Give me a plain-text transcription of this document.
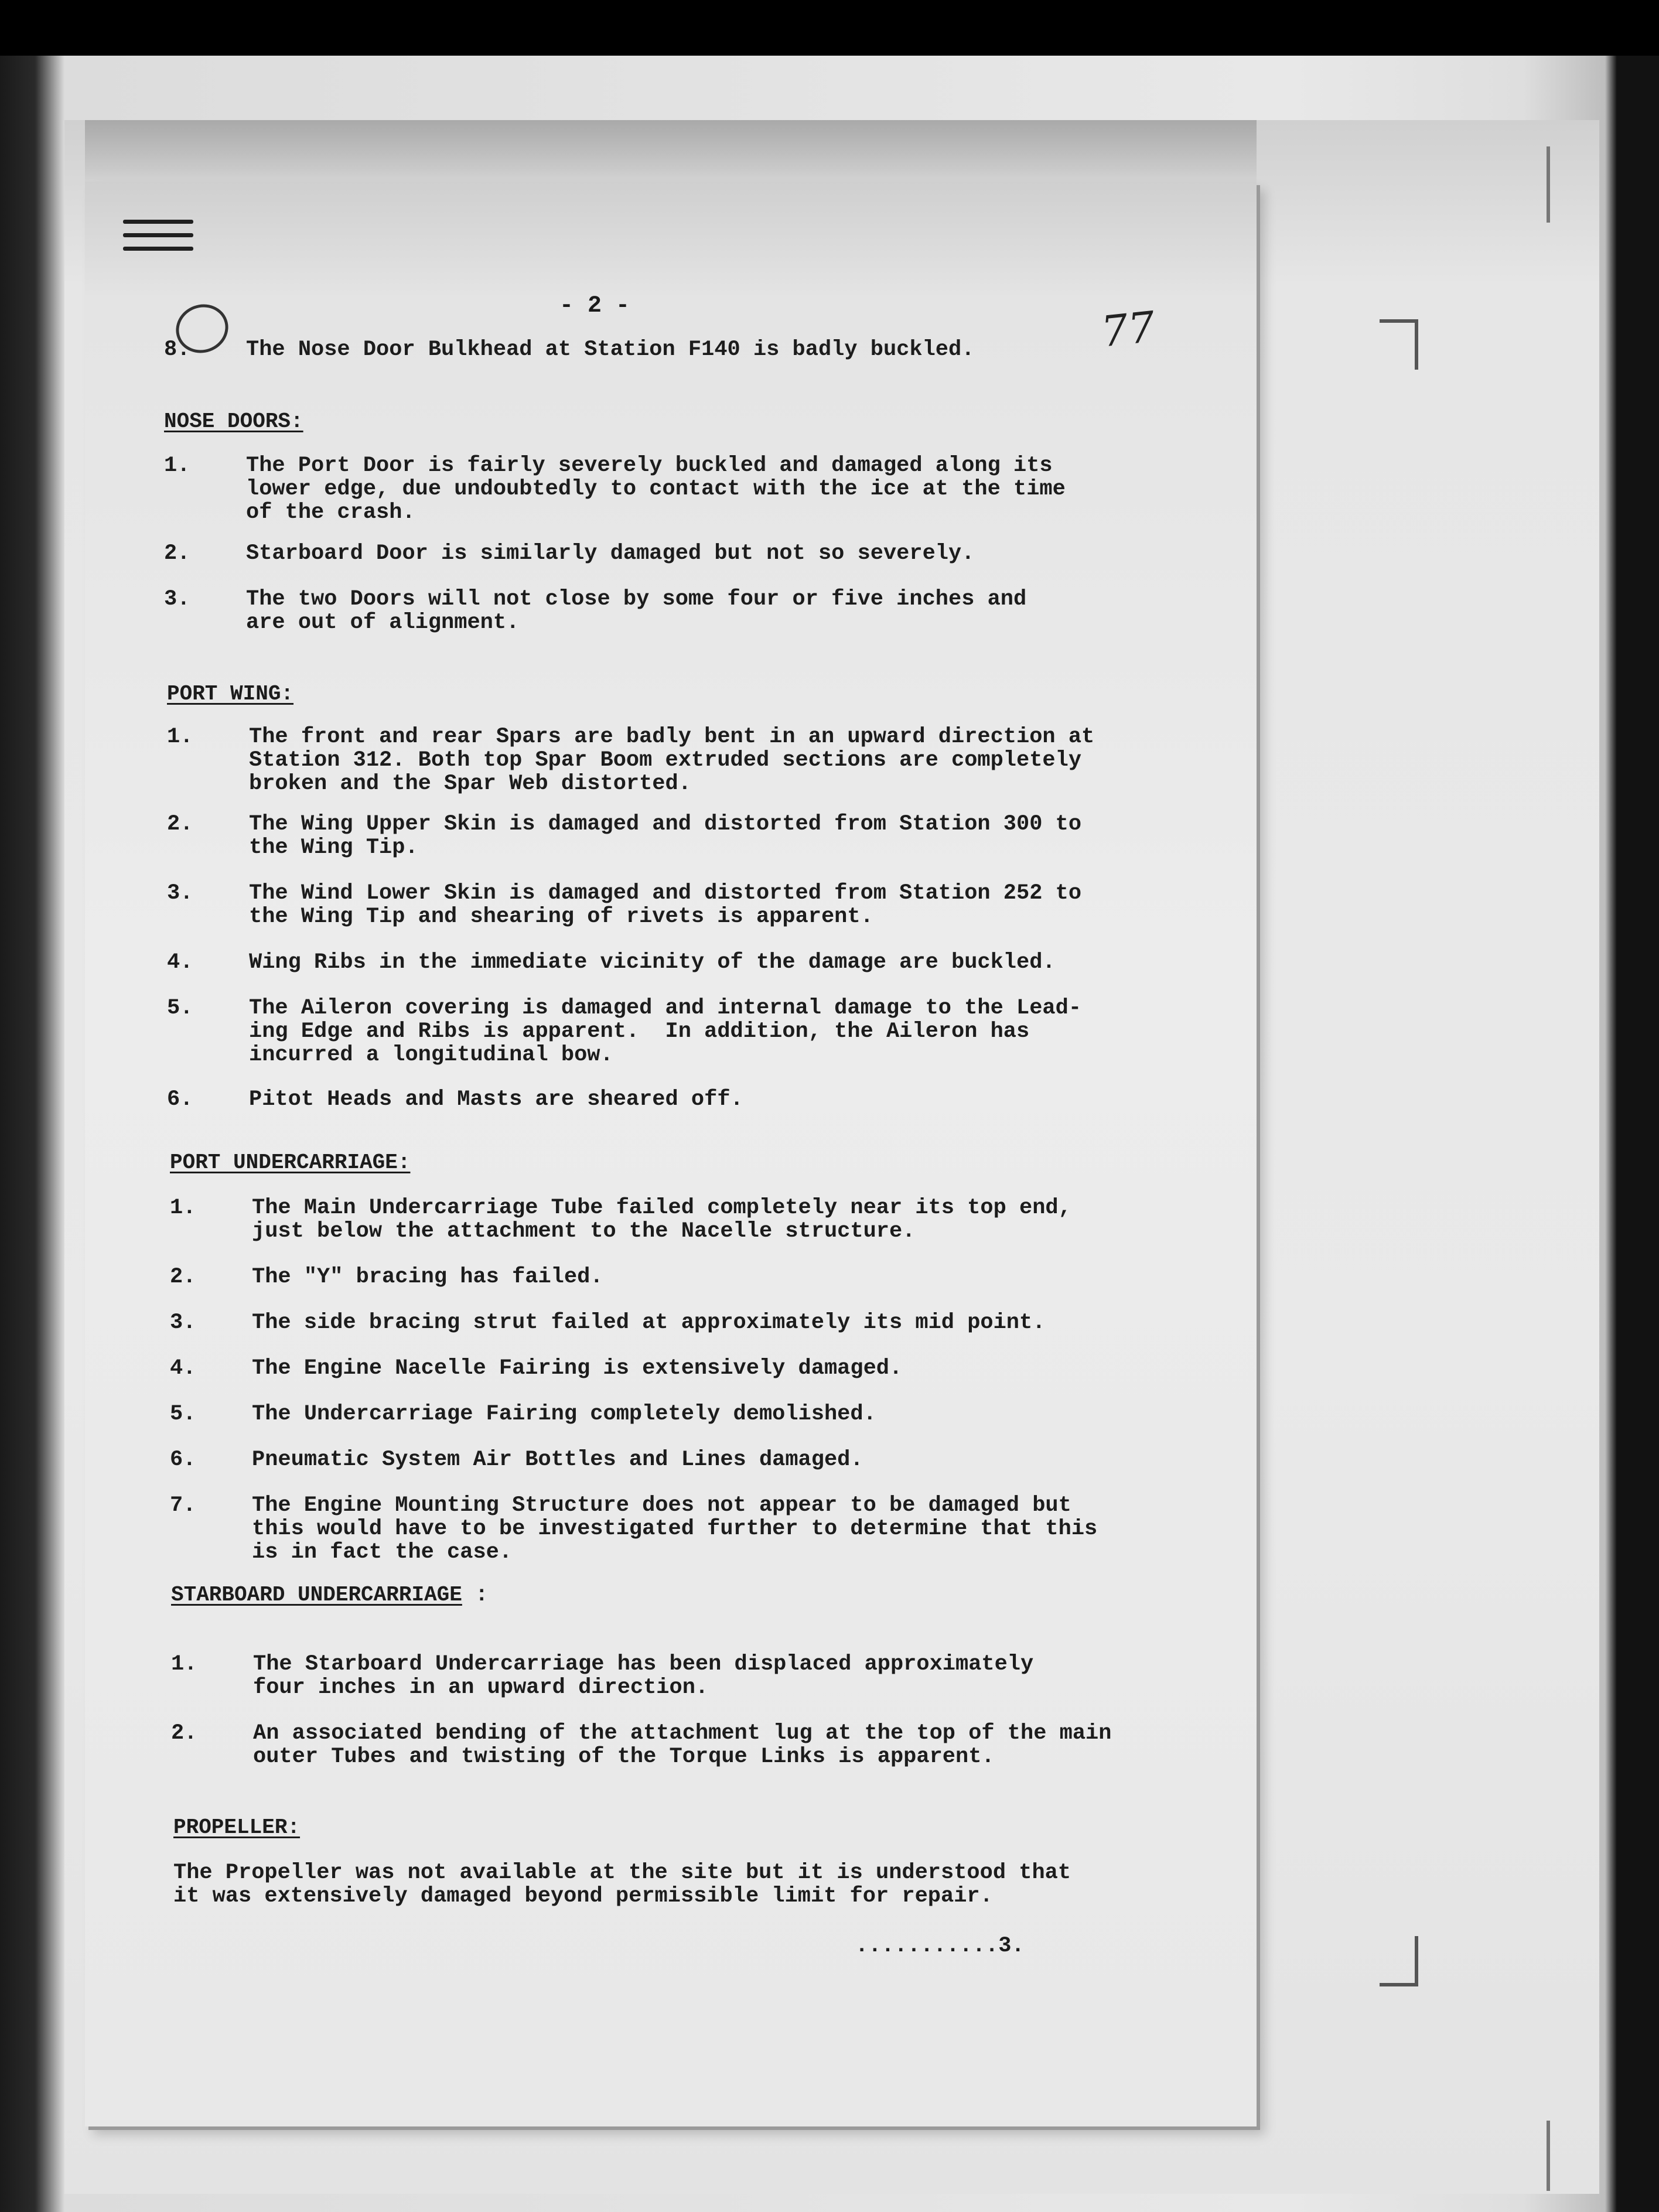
- 2 -	77
8.	The Nose Door Bulkhead at Station F140 is badly buckled.
NOSE DOORS:
1.	The Port Door is fairly severely buckled and damaged along its
lower edge, due undoubtedly to contact with the ice at the time
of the crash.
2.	Starboard Door is similarly damaged but not so severely.
3.	The two Doors will not close by some four or five inches and
are out of alignment.
PORT WING:
1.	The front and rear Spars are badly bent in an upward direction at
Station 312. Both top Spar Boom extruded sections are completely
broken and the Spar Web distorted.
2.	The Wing Upper Skin is damaged and distorted from Station 300 to
the Wing Tip.
3.	The Wind Lower Skin is damaged and distorted from Station 252 to
the Wing Tip and shearing of rivets is apparent.
4.	Wing Ribs in the immediate vicinity of the damage are buckled.
5.	The Aileron covering is damaged and internal damage to the Lead-
ing Edge and Ribs is apparent.  In addition, the Aileron has
incurred a longitudinal bow.
6.	Pitot Heads and Masts are sheared off.
PORT UNDERCARRIAGE:
1.	The Main Undercarriage Tube failed completely near its top end,
just below the attachment to the Nacelle structure.
2.	The "Y" bracing has failed.
3.	The side bracing strut failed at approximately its mid point.
4.	The Engine Nacelle Fairing is extensively damaged.
5.	The Undercarriage Fairing completely demolished.
6.	Pneumatic System Air Bottles and Lines damaged.
7.	The Engine Mounting Structure does not appear to be damaged but
this would have to be investigated further to determine that this
is in fact the case.
STARBOARD UNDERCARRIAGE :
1.	The Starboard Undercarriage has been displaced approximately
four inches in an upward direction.
2.	An associated bending of the attachment lug at the top of the main
outer Tubes and twisting of the Torque Links is apparent.
PROPELLER:
The Propeller was not available at the site but it is understood that
it was extensively damaged beyond permissible limit for repair.
...........3.
